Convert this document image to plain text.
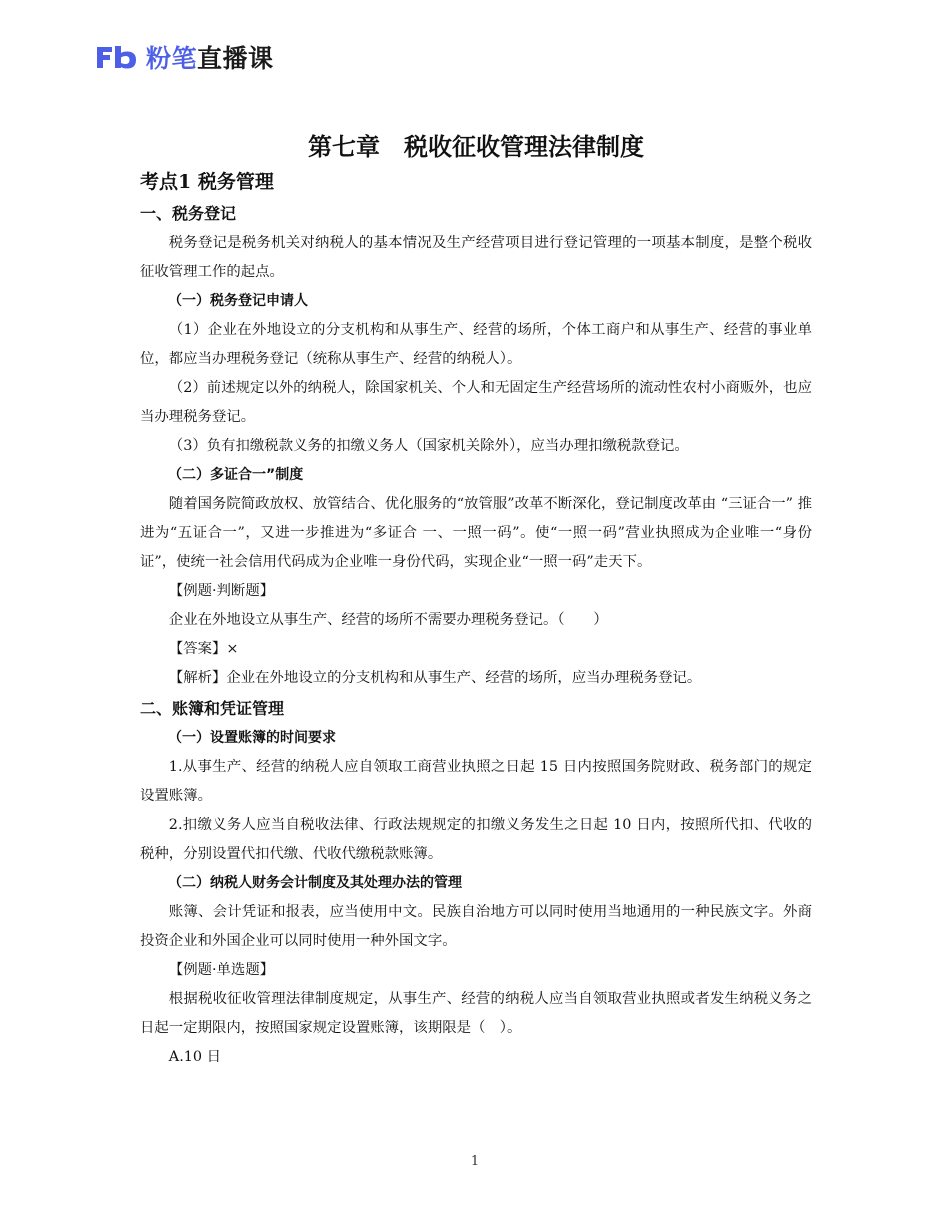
粉笔直播课
第七章　税收征收管理法律制度
考点1 税务管理
一、税务登记

税务登记是税务机关对纳税人的基本情况及生产经营项目进行登记管理的一项基本制度，是整个税收征收管理工作的起点。

（一）税务登记申请人

（1）企业在外地设立的分支机构和从事生产、经营的场所，个体工商户和从事生产、经营的事业单位，都应当办理税务登记（统称从事生产、经营的纳税人）。

（2）前述规定以外的纳税人，除国家机关、个人和无固定生产经营场所的流动性农村小商贩外，也应当办理税务登记。

（3）负有扣缴税款义务的扣缴义务人（国家机关除外），应当办理扣缴税款登记。

（二）多证合一”制度

随着国务院简政放权、放管结合、优化服务的“放管服”改革不断深化，登记制度改革由 “三证合一” 推进为“五证合一”，又进一步推进为“多证合 一、一照一码”。使“一照一码”营业执照成为企业唯一“身份证”，使统一社会信用代码成为企业唯一身份代码，实现企业“一照一码”走天下。

【例题·判断题】

企业在外地设立从事生产、经营的场所不需要办理税务登记。（　　）

【答案】×

【解析】企业在外地设立的分支机构和从事生产、经营的场所，应当办理税务登记。

二、账簿和凭证管理
（一）设置账簿的时间要求

1.从事生产、经营的纳税人应自领取工商营业执照之日起 15 日内按照国务院财政、税务部门的规定设置账簿。

2.扣缴义务人应当自税收法律、行政法规规定的扣缴义务发生之日起 10 日内，按照所代扣、代收的税种，分别设置代扣代缴、代收代缴税款账簿。

（二）纳税人财务会计制度及其处理办法的管理

账簿、会计凭证和报表，应当使用中文。民族自治地方可以同时使用当地通用的一种民族文字。外商投资企业和外国企业可以同时使用一种外国文字。

【例题·单选题】

根据税收征收管理法律制度规定，从事生产、经营的纳税人应当自领取营业执照或者发生纳税义务之日起一定期限内，按照国家规定设置账簿，该期限是（　）。

A.10 日

1
